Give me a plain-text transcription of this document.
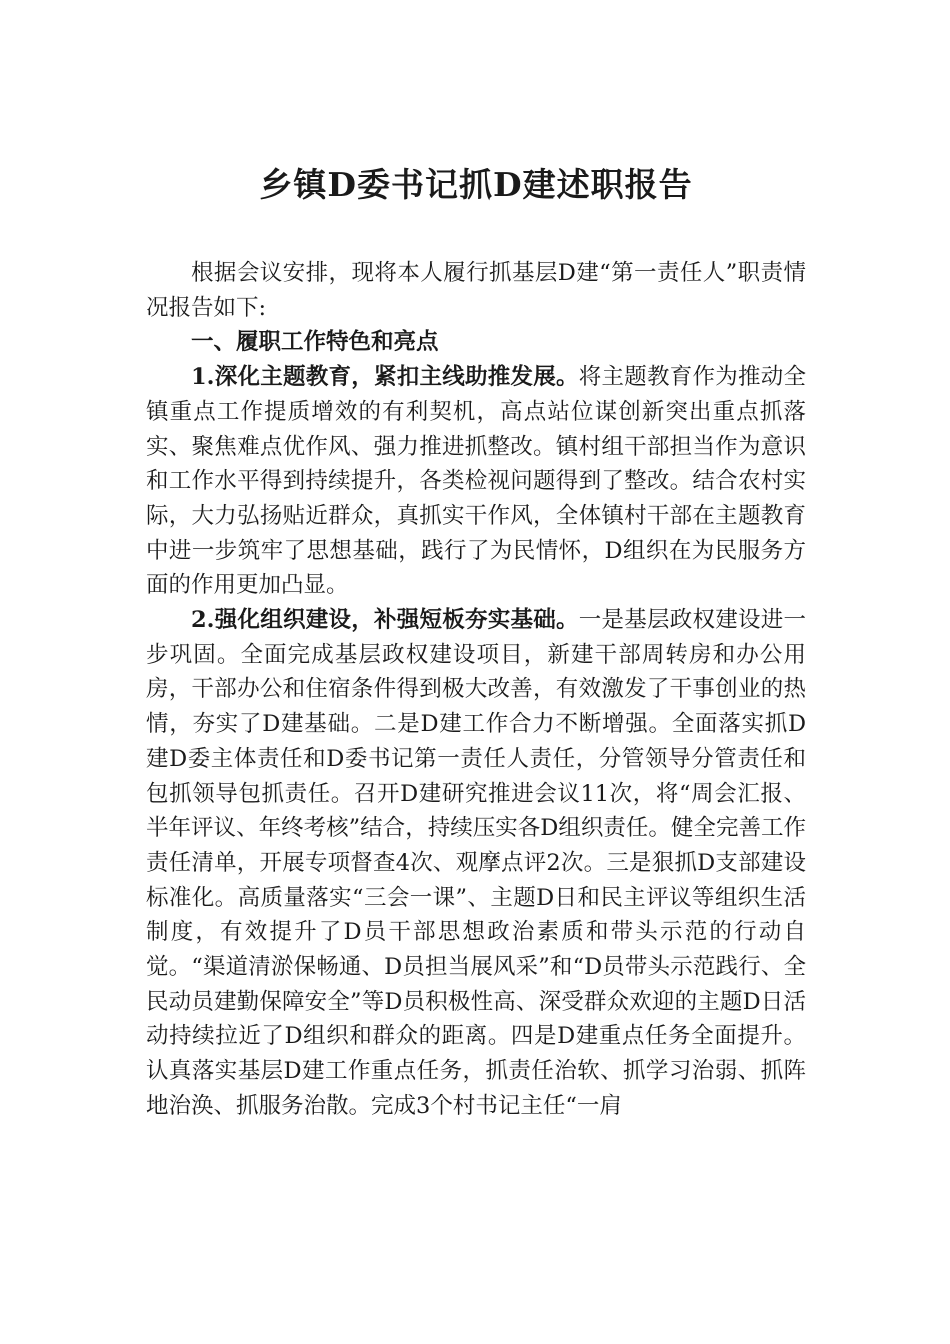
乡镇D委书记抓D建述职报告

根据会议安排，现将本人履行抓基层D建“第一责任人”职责情况报告如下:

一、履职工作特色和亮点

1.深化主题教育，紧扣主线助推发展。将主题教育作为推动全镇重点工作提质增效的有利契机，高点站位谋创新突出重点抓落实、聚焦难点优作风、强力推进抓整改。镇村组干部担当作为意识和工作水平得到持续提升，各类检视问题得到了整改。结合农村实际，大力弘扬贴近群众，真抓实干作风，全体镇村干部在主题教育中进一步筑牢了思想基础，践行了为民情怀，D组织在为民服务方面的作用更加凸显。

2.强化组织建设，补强短板夯实基础。一是基层政权建设进一步巩固。全面完成基层政权建设项目，新建干部周转房和办公用房，干部办公和住宿条件得到极大改善，有效激发了干事创业的热情，夯实了D建基础。二是D建工作合力不断增强。全面落实抓D建D委主体责任和D委书记第一责任人责任，分管领导分管责任和包抓领导包抓责任。召开D建研究推进会议11次，将“周会汇报、半年评议、年终考核”结合，持续压实各D组织责任。健全完善工作责任清单，开展专项督查4次、观摩点评2次。三是狠抓D支部建设标准化。高质量落实“三会一课”、主题D日和民主评议等组织生活制度，有效提升了D员干部思想政治素质和带头示范的行动自觉。“渠道清淤保畅通、D员担当展风采”和“D员带头示范践行、全民动员建勤保障安全”等D员积极性高、深受群众欢迎的主题D日活动持续拉近了D组织和群众的距离。四是D建重点任务全面提升。认真落实基层D建工作重点任务，抓责任治软、抓学习治弱、抓阵地治涣、抓服务治散。完成3个村书记主任“一肩
